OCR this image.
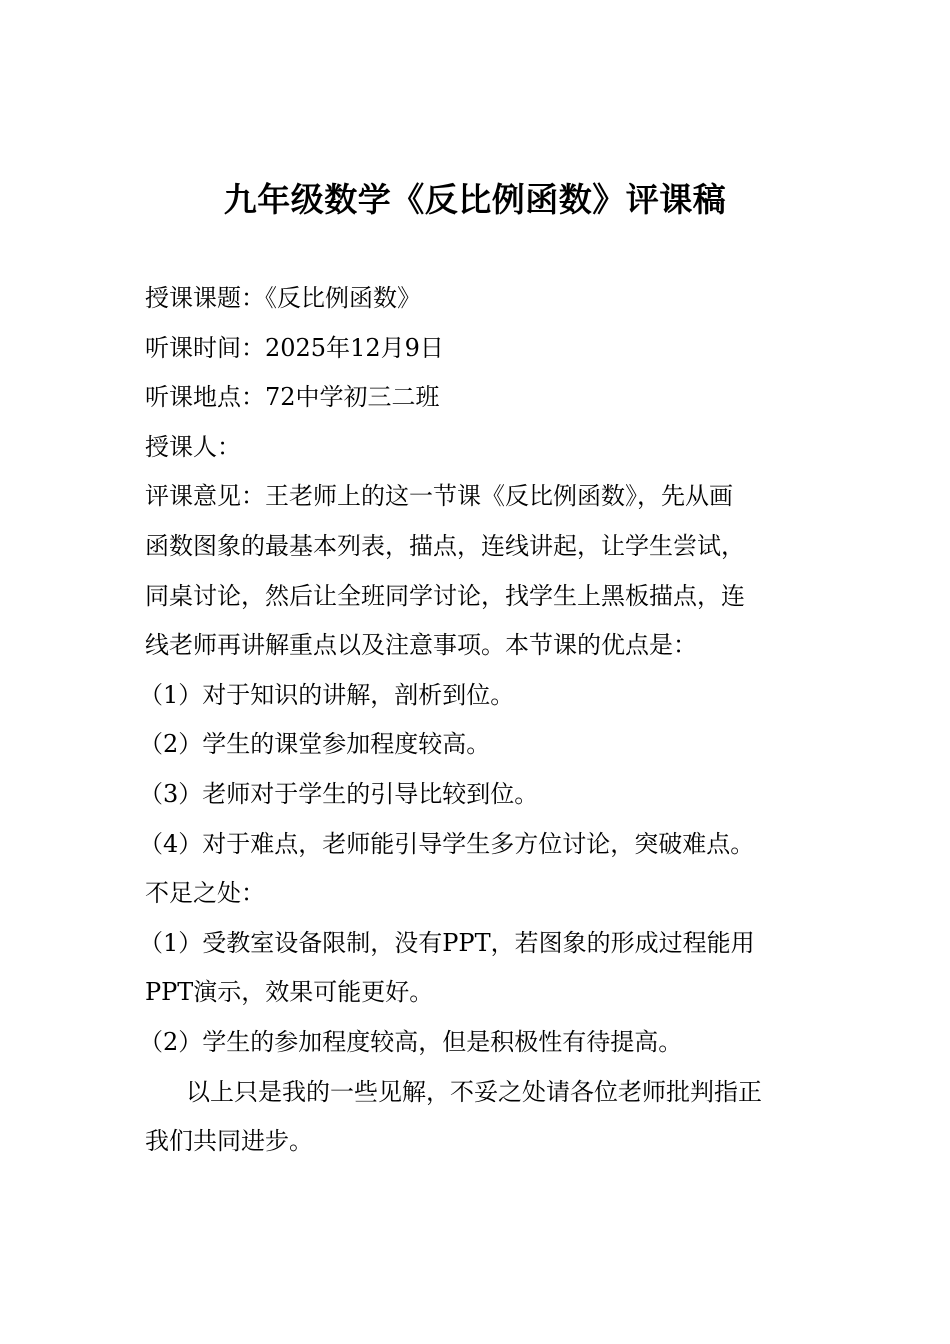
九年级数学《反比例函数》评课稿
授课课题：《反比例函数》
听课时间：2025年12月9日
听课地点：72中学初三二班
授课人：
评课意见：王老师上的这一节课《反比例函数》，先从画
函数图象的最基本列表，描点，连线讲起，让学生尝试，
同桌讨论，然后让全班同学讨论，找学生上黑板描点，连
线老师再讲解重点以及注意事项。本节课的优点是：
（1）对于知识的讲解，剖析到位。
（2）学生的课堂参加程度较高。
（3）老师对于学生的引导比较到位。
（4）对于难点，老师能引导学生多方位讨论，突破难点。
不足之处：
（1）受教室设备限制，没有PPT，若图象的形成过程能用
PPT演示，效果可能更好。
（2）学生的参加程度较高，但是积极性有待提高。
以上只是我的一些见解，不妥之处请各位老师批判指正
我们共同进步。
